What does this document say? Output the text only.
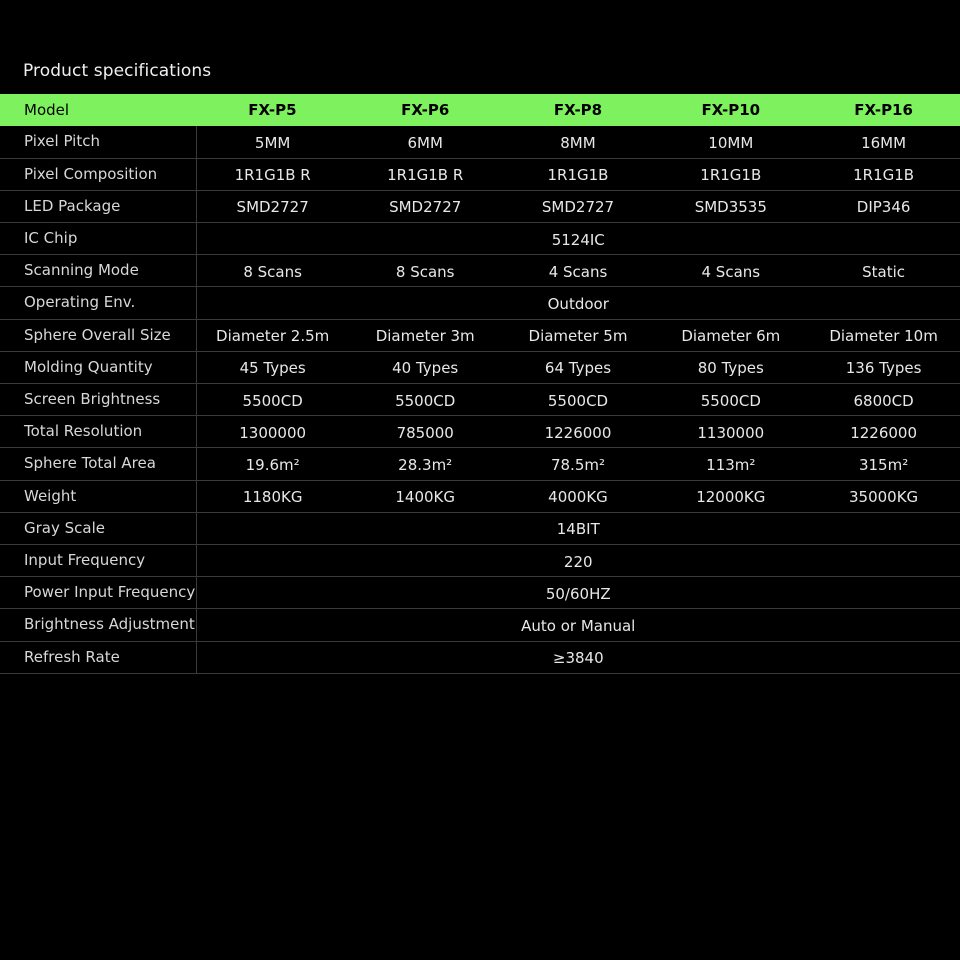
Product specifications
Model	FX-P5	FX-P6	FX-P8	FX-P10	FX-P16
Pixel Pitch	5MM	6MM	8MM	10MM	16MM
Pixel Composition	1R1G1B R	1R1G1B R	1R1G1B	1R1G1B	1R1G1B
LED Package	SMD2727	SMD2727	SMD2727	SMD3535	DIP346
IC Chip	5124IC				
Scanning Mode	8 Scans	8 Scans	4 Scans	4 Scans	Static
Operating Env.	Outdoor				
Sphere Overall Size	Diameter 2.5m	Diameter 3m	Diameter 5m	Diameter 6m	Diameter 10m
Molding Quantity	45 Types	40 Types	64 Types	80 Types	136 Types
Screen Brightness	5500CD	5500CD	5500CD	5500CD	6800CD
Total Resolution	1300000	785000	1226000	1130000	1226000
Sphere Total Area	19.6m²	28.3m²	78.5m²	113m²	315m²
Weight	1180KG	1400KG	4000KG	12000KG	35000KG
Gray Scale	14BIT				
Input Frequency	220				
Power Input Frequency	50/60HZ				
Brightness Adjustment	Auto or Manual				
Refresh Rate	≥3840				
